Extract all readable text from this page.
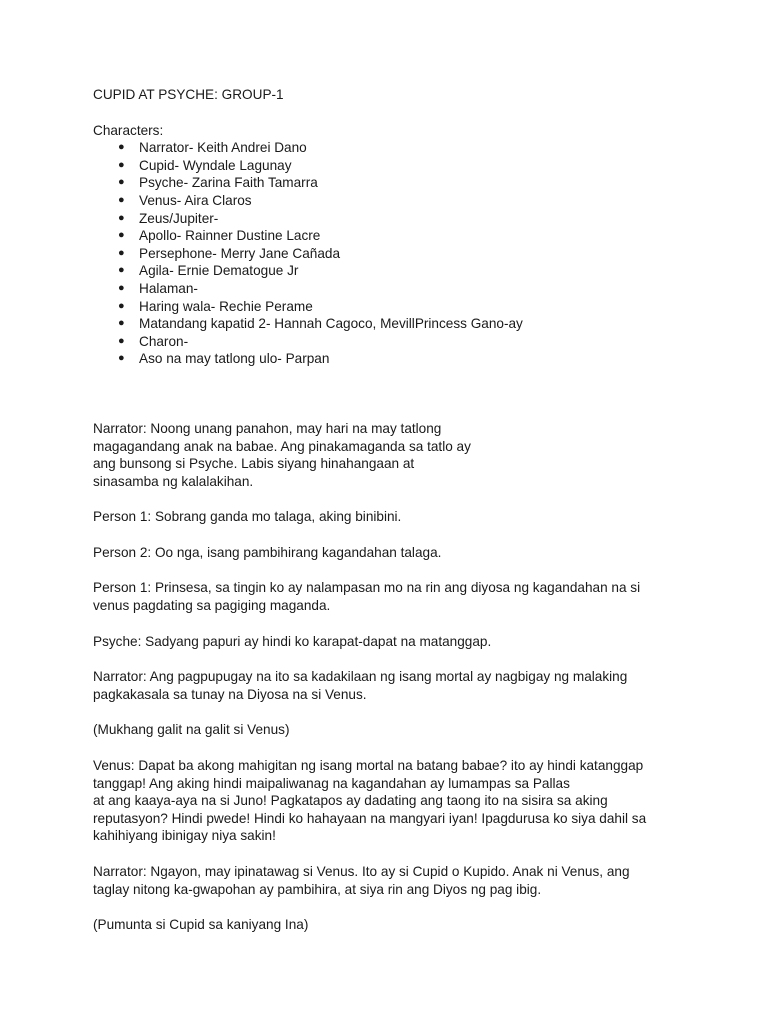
CUPID AT PSYCHE: GROUP-1

Characters:
● Narrator- Keith Andrei Dano
● Cupid- Wyndale Lagunay
● Psyche- Zarina Faith Tamarra
● Venus- Aira Claros
● Zeus/Jupiter-
● Apollo- Rainner Dustine Lacre
● Persephone- Merry Jane Cañada
● Agila- Ernie Dematogue Jr
● Halaman-
● Haring wala- Rechie Perame
● Matandang kapatid 2- Hannah Cagoco, MevillPrincess Gano-ay
● Charon-
● Aso na may tatlong ulo- Parpan
Narrator: Noong unang panahon, may hari na may tatlong
magagandang anak na babae. Ang pinakamaganda sa tatlo ay
ang bunsong si Psyche. Labis siyang hinahangaan at
sinasamba ng kalalakihan.
Person 1: Sobrang ganda mo talaga, aking binibini.
Person 2: Oo nga, isang pambihirang kagandahan talaga.
Person 1: Prinsesa, sa tingin ko ay nalampasan mo na rin ang diyosa ng kagandahan na si
venus pagdating sa pagiging maganda.
Psyche: Sadyang papuri ay hindi ko karapat-dapat na matanggap.
Narrator: Ang pagpupugay na ito sa kadakilaan ng isang mortal ay nagbigay ng malaking
pagkakasala sa tunay na Diyosa na si Venus.
(Mukhang galit na galit si Venus)
Venus: Dapat ba akong mahigitan ng isang mortal na batang babae? ito ay hindi katanggap
tanggap! Ang aking hindi maipaliwanag na kagandahan ay lumampas sa Pallas
at ang kaaya-aya na si Juno! Pagkatapos ay dadating ang taong ito na sisira sa aking
reputasyon? Hindi pwede! Hindi ko hahayaan na mangyari iyan! Ipagdurusa ko siya dahil sa
kahihiyang ibinigay niya sakin!
Narrator: Ngayon, may ipinatawag si Venus. Ito ay si Cupid o Kupido. Anak ni Venus, ang
taglay nitong ka-gwapohan ay pambihira, at siya rin ang Diyos ng pag ibig.
(Pumunta si Cupid sa kaniyang Ina)
